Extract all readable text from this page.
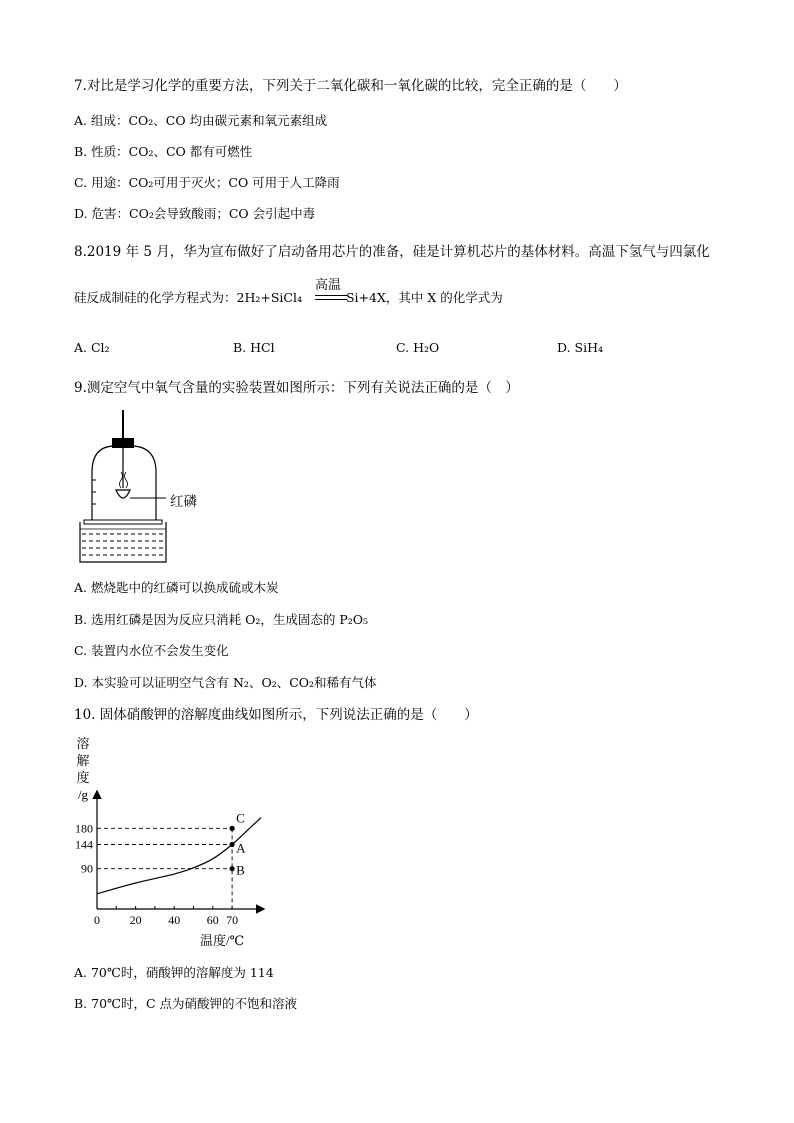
7.对比是学习化学的重要方法，下列关于二氧化碳和一氧化碳的比较，完全正确的是（　　）
A. 组成：CO₂、CO 均由碳元素和氧元素组成
B. 性质：CO₂、CO 都有可燃性
C. 用途：CO₂可用于灭火；CO 可用于人工降雨
D. 危害：CO₂会导致酸雨；CO 会引起中毒
8.2019 年 5 月，华为宣布做好了启动备用芯片的准备，硅是计算机芯片的基体材料。高温下氢气与四氯化
硅反成制硅的化学方程式为：2H₂+SiCl₄	Si+4X，其中 X 的化学式为
高温
A. Cl₂	B. HCl	C. H₂O	D. SiH₄
9.测定空气中氧气含量的实验装置如图所示：下列有关说法正确的是（　）
红磷
A. 燃烧匙中的红磷可以换成硫或木炭
B. 选用红磷是因为反应只消耗 O₂，生成固态的 P₂O₅
C. 装置内水位不会发生变化
D. 本实验可以证明空气含有 N₂、O₂、CO₂和稀有气体
10. 固体硝酸钾的溶解度曲线如图所示，下列说法正确的是（　　）
溶
解
度
/g
0 20 40 60 70
180
144
90
C
A
B
温度/℃
A. 70℃时，硝酸钾的溶解度为 114
B. 70℃时，C 点为硝酸钾的不饱和溶液
